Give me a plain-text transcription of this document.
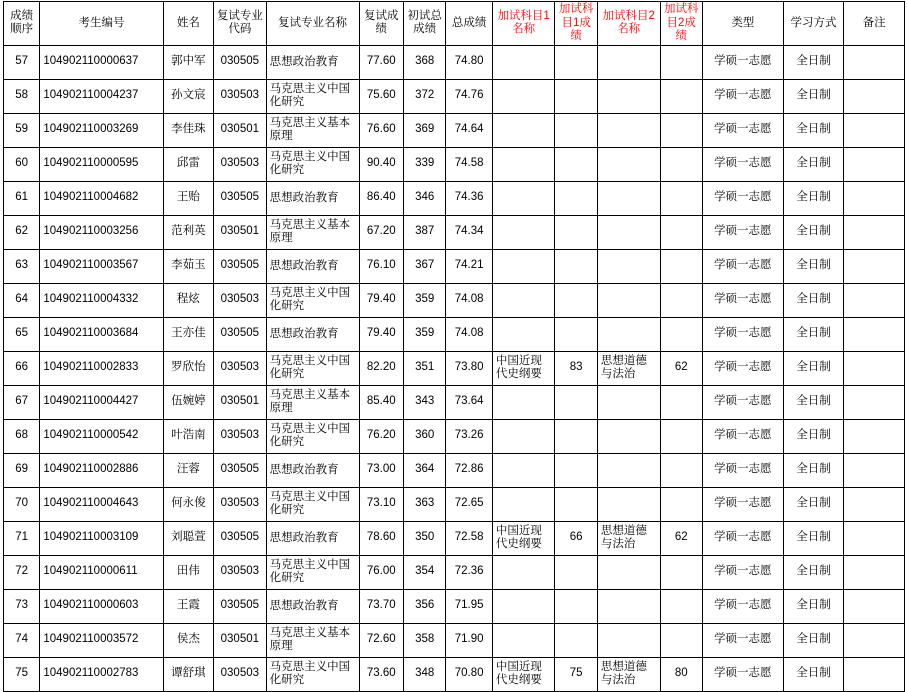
成绩顺序	考生编号	姓名	复试专业代码	复试专业名称	复试成绩	初试总成绩	总成绩	加试科目1名称	加试科目1成绩	加试科目2名称	加试科目2成绩	类型	学习方式	备注
57	104902110000637	郭中军	030505	思想政治教育	77.60	368	74.80					学硕一志愿	全日制	
58	104902110004237	孙文宸	030503	马克思主义中国化研究	75.60	372	74.76					学硕一志愿	全日制	
59	104902110003269	李佳珠	030501	马克思主义基本原理	76.60	369	74.64					学硕一志愿	全日制	
60	104902110000595	邱雷	030503	马克思主义中国化研究	90.40	339	74.58					学硕一志愿	全日制	
61	104902110004682	王贻	030505	思想政治教育	86.40	346	74.36					学硕一志愿	全日制	
62	104902110003256	范利英	030501	马克思主义基本原理	67.20	387	74.34					学硕一志愿	全日制	
63	104902110003567	李茹玉	030505	思想政治教育	76.10	367	74.21					学硕一志愿	全日制	
64	104902110004332	程炫	030503	马克思主义中国化研究	79.40	359	74.08					学硕一志愿	全日制	
65	104902110003684	王亦佳	030505	思想政治教育	79.40	359	74.08					学硕一志愿	全日制	
66	104902110002833	罗欣怡	030503	马克思主义中国化研究	82.20	351	73.80	中国近现代史纲要	83	思想道德与法治	62	学硕一志愿	全日制	
67	104902110004427	伍婉婷	030501	马克思主义基本原理	85.40	343	73.64					学硕一志愿	全日制	
68	104902110000542	叶浩南	030503	马克思主义中国化研究	76.20	360	73.26					学硕一志愿	全日制	
69	104902110002886	汪蓉	030505	思想政治教育	73.00	364	72.86					学硕一志愿	全日制	
70	104902110004643	何永俊	030503	马克思主义中国化研究	73.10	363	72.65					学硕一志愿	全日制	
71	104902110003109	刘聪萱	030505	思想政治教育	78.60	350	72.58	中国近现代史纲要	66	思想道德与法治	62	学硕一志愿	全日制	
72	104902110000611	田伟	030503	马克思主义中国化研究	76.00	354	72.36					学硕一志愿	全日制	
73	104902110000603	王霞	030505	思想政治教育	73.70	356	71.95					学硕一志愿	全日制	
74	104902110003572	侯杰	030501	马克思主义基本原理	72.60	358	71.90					学硕一志愿	全日制	
75	104902110002783	谭舒琪	030503	马克思主义中国化研究	73.60	348	70.80	中国近现代史纲要	75	思想道德与法治	80	学硕一志愿	全日制	
